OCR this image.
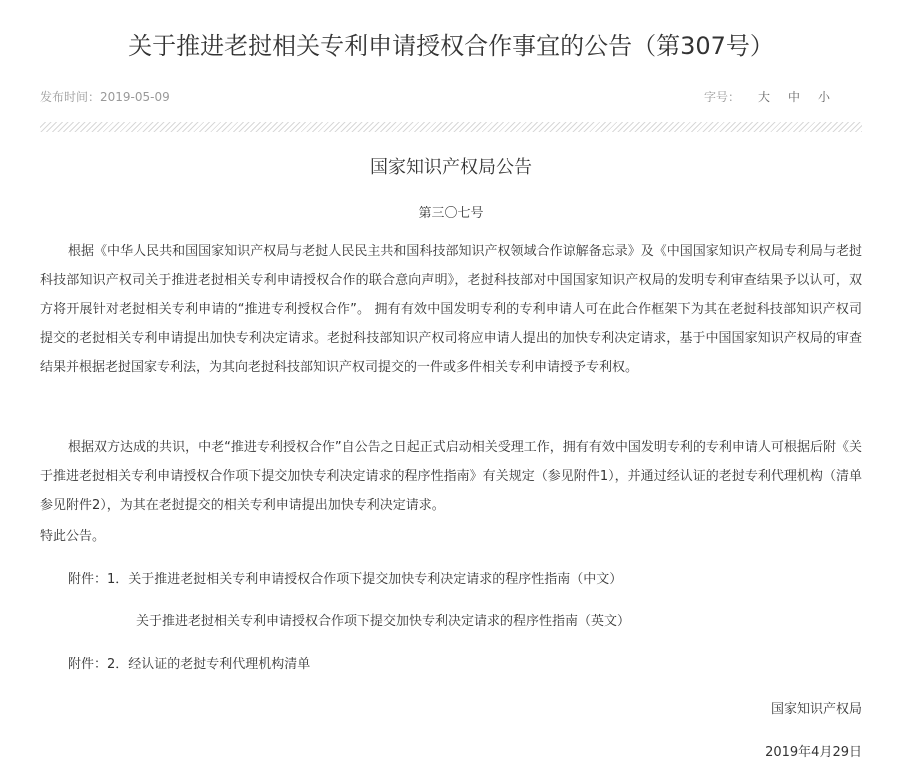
关于推进老挝相关专利申请授权合作事宜的公告（第307号）
发布时间：2019-05-09	字号： 大 中 小
国家知识产权局公告
第三〇七号

根据《中华人民共和国国家知识产权局与老挝人民民主共和国科技部知识产权领域合作谅解备忘录》及《中国国家知识产权局专利局与老挝科技部知识产权司关于推进老挝相关专利申请授权合作的联合意向声明》，老挝科技部对中国国家知识产权局的发明专利审查结果予以认可，双方将开展针对老挝相关专利申请的“推进专利授权合作”。 拥有有效中国发明专利的专利申请人可在此合作框架下为其在老挝科技部知识产权司提交的老挝相关专利申请提出加快专利决定请求。老挝科技部知识产权司将应申请人提出的加快专利决定请求，基于中国国家知识产权局的审查结果并根据老挝国家专利法，为其向老挝科技部知识产权司提交的一件或多件相关专利申请授予专利权。

根据双方达成的共识，中老“推进专利授权合作”自公告之日起正式启动相关受理工作，拥有有效中国发明专利的专利申请人可根据后附《关于推进老挝相关专利申请授权合作项下提交加快专利决定请求的程序性指南》有关规定（参见附件1），并通过经认证的老挝专利代理机构（清单参见附件2），为其在老挝提交的相关专利申请提出加快专利决定请求。

特此公告。

附件：1．关于推进老挝相关专利申请授权合作项下提交加快专利决定请求的程序性指南（中文）

关于推进老挝相关专利申请授权合作项下提交加快专利决定请求的程序性指南（英文）

附件：2．经认证的老挝专利代理机构清单

国家知识产权局
2019年4月29日
